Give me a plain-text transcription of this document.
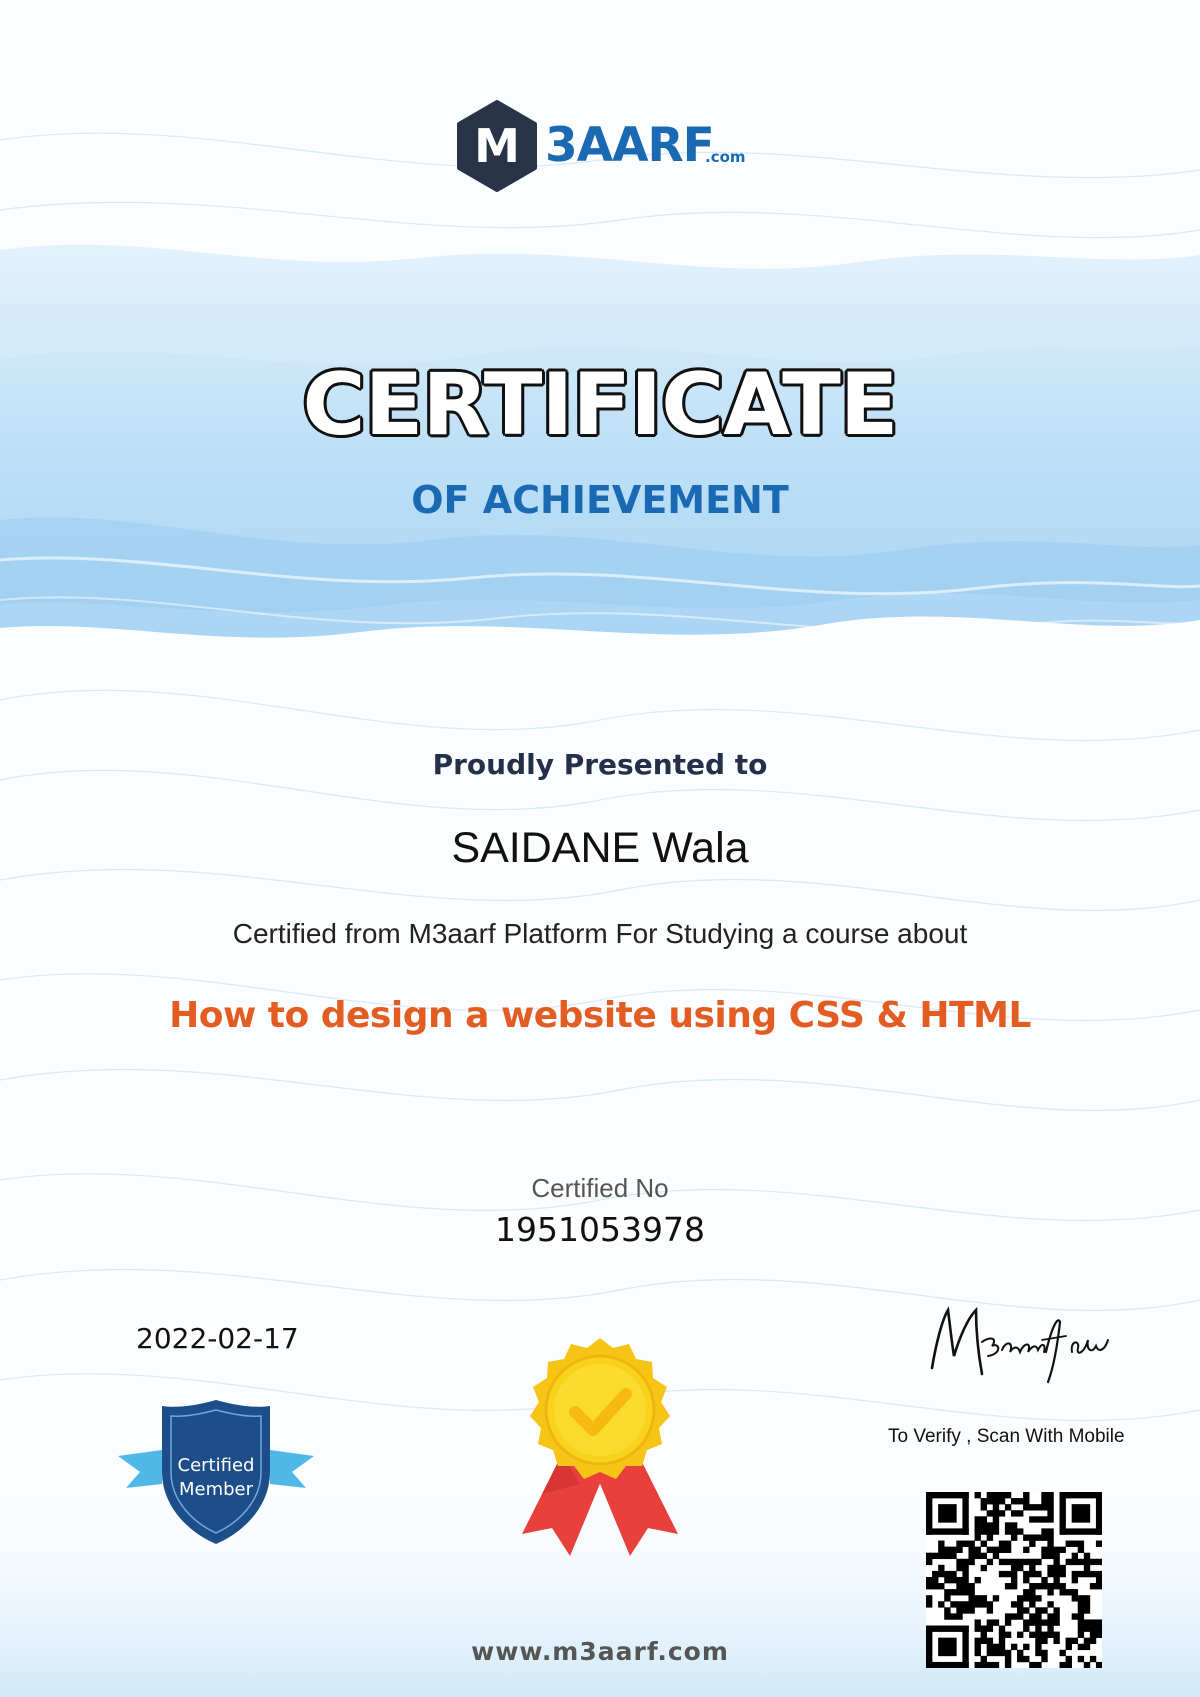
M 3AARF
.com
CERTIFICATE
OF ACHIEVEMENT
Proudly Presented to
SAIDANE Wala
Certified from M3aarf Platform For Studying a course about
How to design a website using CSS & HTML
Certified No
1951053978
2022-02-17
Certified
Member
To Verify , Scan With Mobile
www.m3aarf.com
